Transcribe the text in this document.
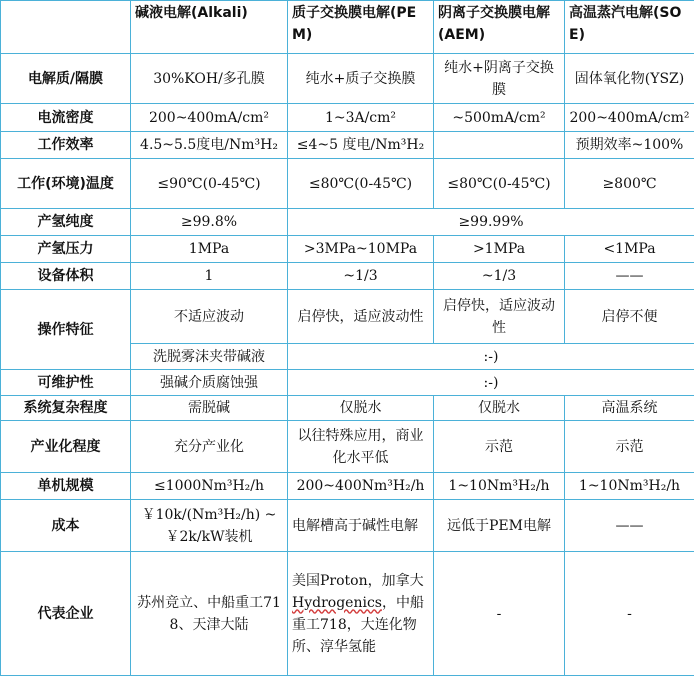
	碱液电解(Alkali)	质子交换膜电解(PEM)	阴离子交换膜电解(AEM)	高温蒸汽电解(SOE)
电解质/隔膜	30%KOH/多孔膜	纯水+质子交换膜	纯水+阴离子交换膜	固体氧化物(YSZ)
电流密度	200~400mA/cm²	1~3A/cm²	~500mA/cm²	200~400mA/cm²
工作效率	4.5~5.5度电/Nm³H₂	≤4~5 度电/Nm³H₂		预期效率~100%
工作(环境)温度	≤90℃(0-45℃)	≤80℃(0-45℃)	≤80℃(0-45℃)	≥800℃
产氢纯度	≥99.8%	≥99.99%		
产氢压力	1MPa	>3MPa~10MPa	>1MPa	<1MPa
设备体积	1	~1/3	~1/3	——
操作特征	不适应波动	启停快，适应波动性	启停快，适应波动性	启停不便
	洗脱雾沫夹带碱液	:-)		
可维护性	强碱介质腐蚀强	:-)		
系统复杂程度	需脱碱	仅脱水	仅脱水	高温系统
产业化程度	充分产业化	以往特殊应用，商业化水平低	示范	示范
单机规模	≤1000Nm³H₂/h	200~400Nm³H₂/h	1~10Nm³H₂/h	1~10Nm³H₂/h
成本	￥10k/(Nm³H₂/h) ~￥2k/kW装机	电解槽高于碱性电解	远低于PEM电解	——
代表企业	苏州竞立、中船重工718、天津大陆	美国Proton，加拿大Hydrogenics，中船重工718，大连化物所、淳华氢能	-	-
